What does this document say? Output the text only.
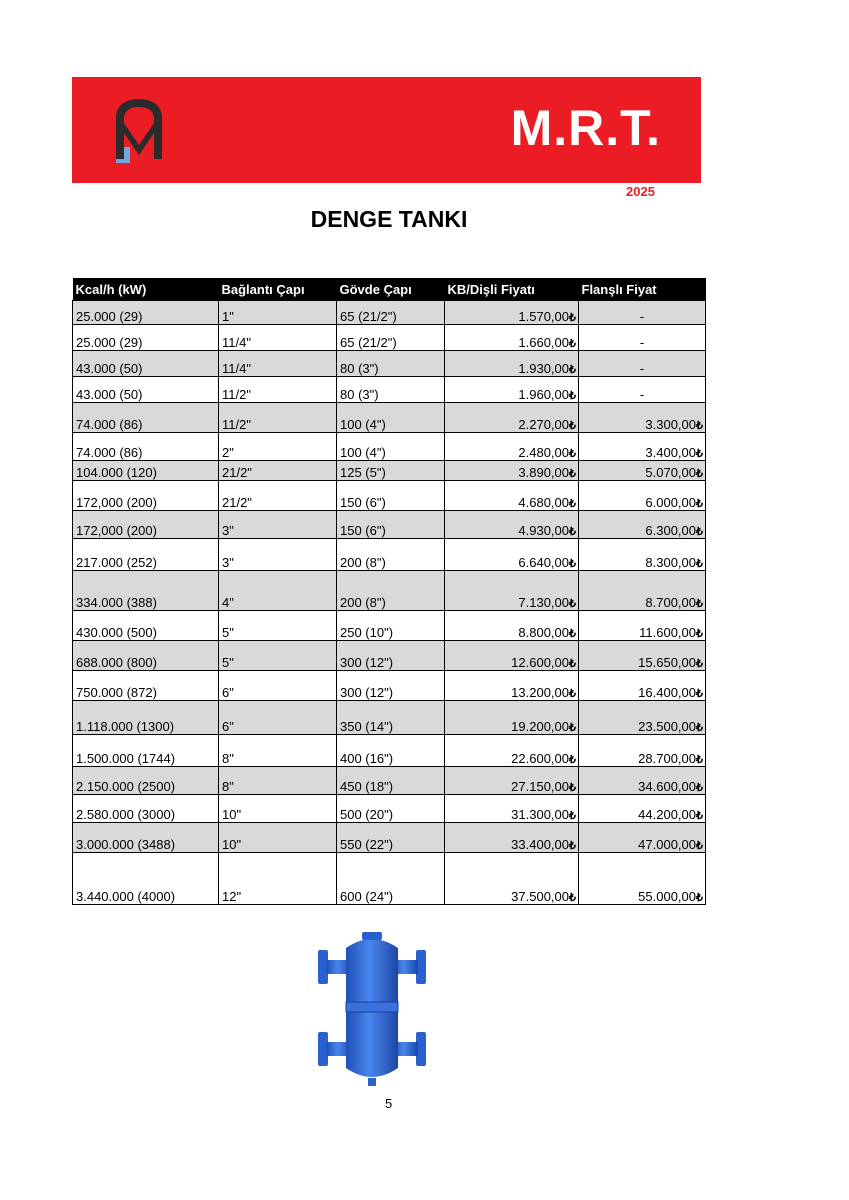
M.R.T.
2025
DENGE TANKI
Kcal/h (kW)	Bağlantı Çapı	Gövde Çapı	KB/Dişli Fiyatı	Flanşlı Fiyat
25.000 (29)	1"	65 (21/2")	1.570,00₺	-
25.000 (29)	11/4"	65 (21/2")	1.660,00₺	-
43.000 (50)	11/4"	80 (3")	1.930,00₺	-
43.000 (50)	11/2"	80 (3")	1.960,00₺	-
74.000 (86)	11/2"	100 (4")	2.270,00₺	3.300,00₺
74.000 (86)	2"	100 (4")	2.480,00₺	3.400,00₺
104.000 (120)	21/2"	125 (5")	3.890,00₺	5.070,00₺
172,000 (200)	21/2"	150 (6")	4.680,00₺	6.000,00₺
172,000 (200)	3"	150 (6")	4.930,00₺	6.300,00₺
217.000 (252)	3"	200 (8")	6.640,00₺	8.300,00₺
334.000 (388)	4"	200 (8")	7.130,00₺	8.700,00₺
430.000 (500)	5"	250 (10")	8.800,00₺	11.600,00₺
688.000 (800)	5"	300 (12")	12.600,00₺	15.650,00₺
750.000 (872)	6"	300 (12")	13.200,00₺	16.400,00₺
1.118.000 (1300)	6"	350 (14")	19.200,00₺	23.500,00₺
1.500.000 (1744)	8"	400 (16")	22.600,00₺	28.700,00₺
2.150.000 (2500)	8"	450 (18")	27.150,00₺	34.600,00₺
2.580.000 (3000)	10"	500 (20")	31.300,00₺	44.200,00₺
3.000.000 (3488)	10"	550 (22")	33.400,00₺	47.000,00₺
3.440.000 (4000)	12"	600 (24")	37.500,00₺	55.000,00₺
5
